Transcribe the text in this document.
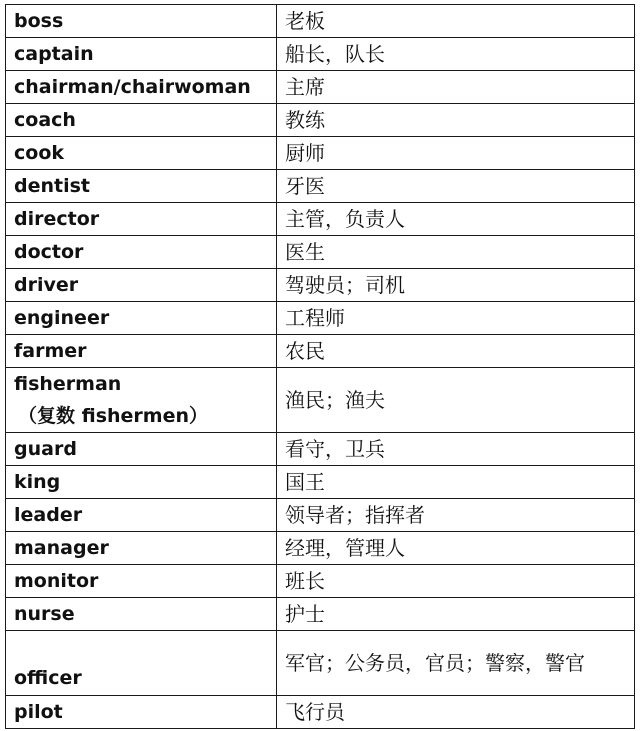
boss	老板
captain	船长，队长
chairman/chairwoman	主席
coach	教练
cook	厨师
dentist	牙医
director	主管，负责人
doctor	医生
driver	驾驶员；司机
engineer	工程师
farmer	农民

fisherman
（复数 fishermen）	渔民；渔夫
guard	看守，卫兵
king	国王
leader	领导者；指挥者
manager	经理，管理人
monitor	班长
nurse	护士
officer	军官；公务员，官员；警察，警官
pilot	飞行员
